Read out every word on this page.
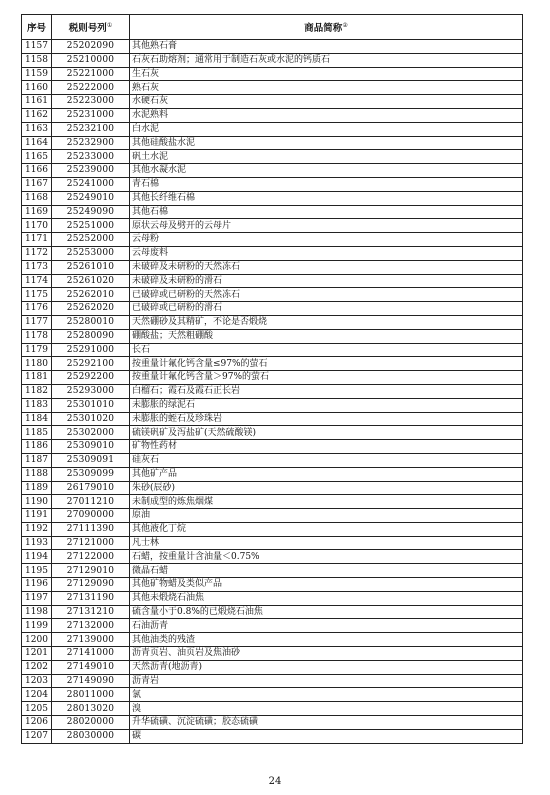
序号	税则号列①	商品简称②
1157	25202090	其他熟石膏
1158	25210000	石灰石助熔剂；通常用于制造石灰或水泥的钙质石
1159	25221000	生石灰
1160	25222000	熟石灰
1161	25223000	水硬石灰
1162	25231000	水泥熟料
1163	25232100	白水泥
1164	25232900	其他硅酸盐水泥
1165	25233000	矾土水泥
1166	25239000	其他水凝水泥
1167	25241000	青石棉
1168	25249010	其他长纤维石棉
1169	25249090	其他石棉
1170	25251000	原状云母及劈开的云母片
1171	25252000	云母粉
1172	25253000	云母废料
1173	25261010	未破碎及未研粉的天然冻石
1174	25261020	未破碎及未研粉的滑石
1175	25262010	已破碎或已研粉的天然冻石
1176	25262020	已破碎或已研粉的滑石
1177	25280010	天然硼砂及其精矿，不论是否煅烧
1178	25280090	硼酸盐；天然粗硼酸
1179	25291000	长石
1180	25292100	按重量计氟化钙含量≤97%的萤石
1181	25292200	按重量计氟化钙含量＞97%的萤石
1182	25293000	白榴石；霞石及霞石正长岩
1183	25301010	未膨胀的绿泥石
1184	25301020	未膨胀的蛭石及珍珠岩
1185	25302000	硫镁矾矿及泻盐矿(天然硫酸镁)
1186	25309010	矿物性药材
1187	25309091	硅灰石
1188	25309099	其他矿产品
1189	26179010	朱砂(辰砂)
1190	27011210	未制成型的炼焦烟煤
1191	27090000	原油
1192	27111390	其他液化丁烷
1193	27121000	凡士林
1194	27122000	石蜡，按重量计含油量＜0.75%
1195	27129010	微晶石蜡
1196	27129090	其他矿物蜡及类似产品
1197	27131190	其他未煅烧石油焦
1198	27131210	硫含量小于0.8%的已煅烧石油焦
1199	27132000	石油沥青
1200	27139000	其他油类的残渣
1201	27141000	沥青页岩、油页岩及焦油砂
1202	27149010	天然沥青(地沥青)
1203	27149090	沥青岩
1204	28011000	氯
1205	28013020	溴
1206	28020000	升华硫磺、沉淀硫磺；胶态硫磺
1207	28030000	碳
24
